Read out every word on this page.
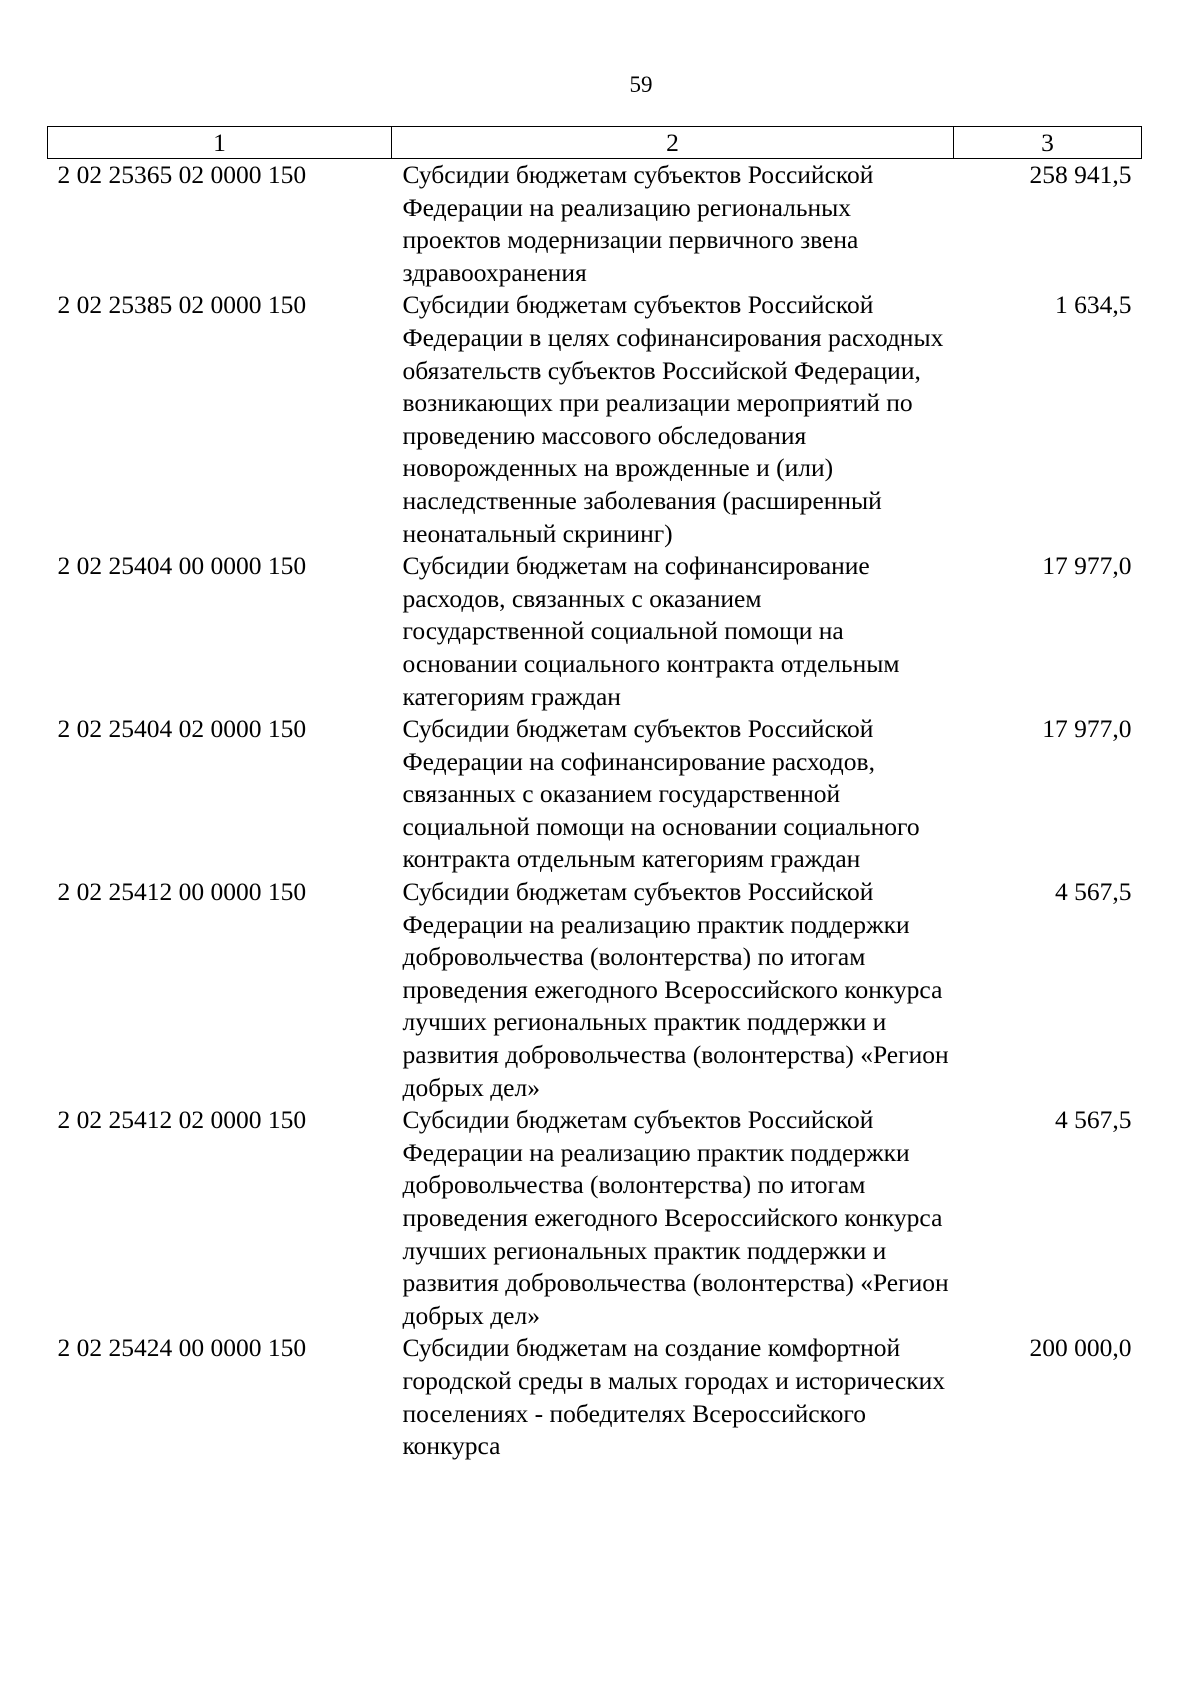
59
1	2	3
2 02 25365 02 0000 150	Субсидии бюджетам субъектов Российской Федерации на реализацию региональных проектов модернизации первичного звена здравоохранения	258 941,5
2 02 25385 02 0000 150	Субсидии бюджетам субъектов Российской Федерации в целях софинансирования расходных обязательств субъектов Российской Федерации, возникающих при реализации мероприятий по проведению массового обследования новорожденных на врожденные и (или) наследственные заболевания (расширенный неонатальный скрининг)	1 634,5
2 02 25404 00 0000 150	Субсидии бюджетам на софинансирование расходов, связанных с оказанием государственной социальной помощи на основании социального контракта отдельным категориям граждан	17 977,0
2 02 25404 02 0000 150	Субсидии бюджетам субъектов Российской Федерации на софинансирование расходов, связанных с оказанием государственной социальной помощи на основании социального контракта отдельным категориям граждан	17 977,0
2 02 25412 00 0000 150	Субсидии бюджетам субъектов Российской Федерации на реализацию практик поддержки добровольчества (волонтерства) по итогам проведения ежегодного Всероссийского конкурса лучших региональных практик поддержки и развития добровольчества (волонтерства) «Регион добрых дел»	4 567,5
2 02 25412 02 0000 150	Субсидии бюджетам субъектов Российской Федерации на реализацию практик поддержки добровольчества (волонтерства) по итогам проведения ежегодного Всероссийского конкурса лучших региональных практик поддержки и развития добровольчества (волонтерства) «Регион добрых дел»	4 567,5
2 02 25424 00 0000 150	Субсидии бюджетам на создание комфортной городской среды в малых городах и исторических поселениях - победителях Всероссийского конкурса	200 000,0
